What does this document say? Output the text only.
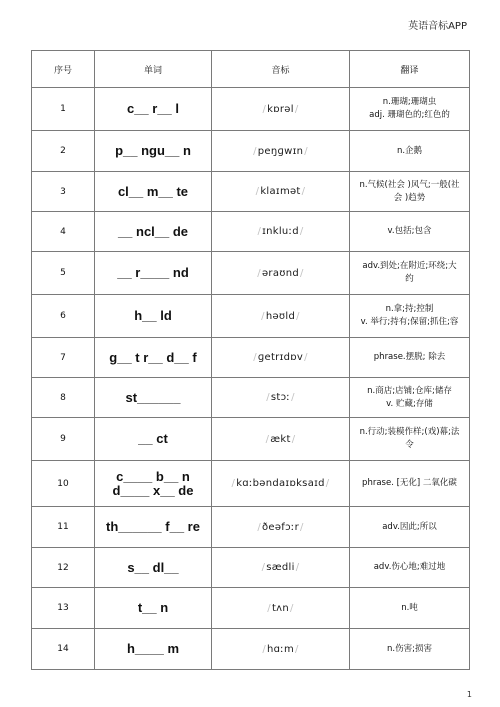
英语音标APP
序号	单词	音标	翻译
1	c__ r__ l	/kɒrəl/	n.珊瑚;珊瑚虫
adj. 珊瑚色的;红色的

2	p__ ngu__ n	/peŋɡwɪn/	n.企鹅

3	cl__ m__ te	/klaɪmət/	n.气候(社会 )风气;一般(社
会 )趋势

4	__ ncl__ de	/ɪnkluːd/	v.包括;包含

5	__ r____ nd	/əraʊnd/	adv.到处;在附近;环绕;大
约

6	h__ ld	/həʊld/	n.拿;持;控制
v. 举行;持有;保留;抓住;容

7	g__ t r__ d__ f	/ɡetrɪdɒv/	phrase.摆脱; 除去

8	st______	/stɔː/	n.商店;店铺;仓库;储存
v. 贮藏;存储

9	__ ct	/ækt/	n.行动;装模作样;(戏)幕;法
令

10	c____ b__ n d____ x__ de	/kɑːbəndaɪɒksaɪd/	phrase. [无化] 二氧化碳

11	th______ f__ re	/ðeəfɔːr/	adv.因此;所以

12	s__ dl__	/sædli/	adv.伤心地;难过地

13	t__ n	/tʌn/	n.吨

14	h____ m	/hɑːm/	n.伤害;损害
1
